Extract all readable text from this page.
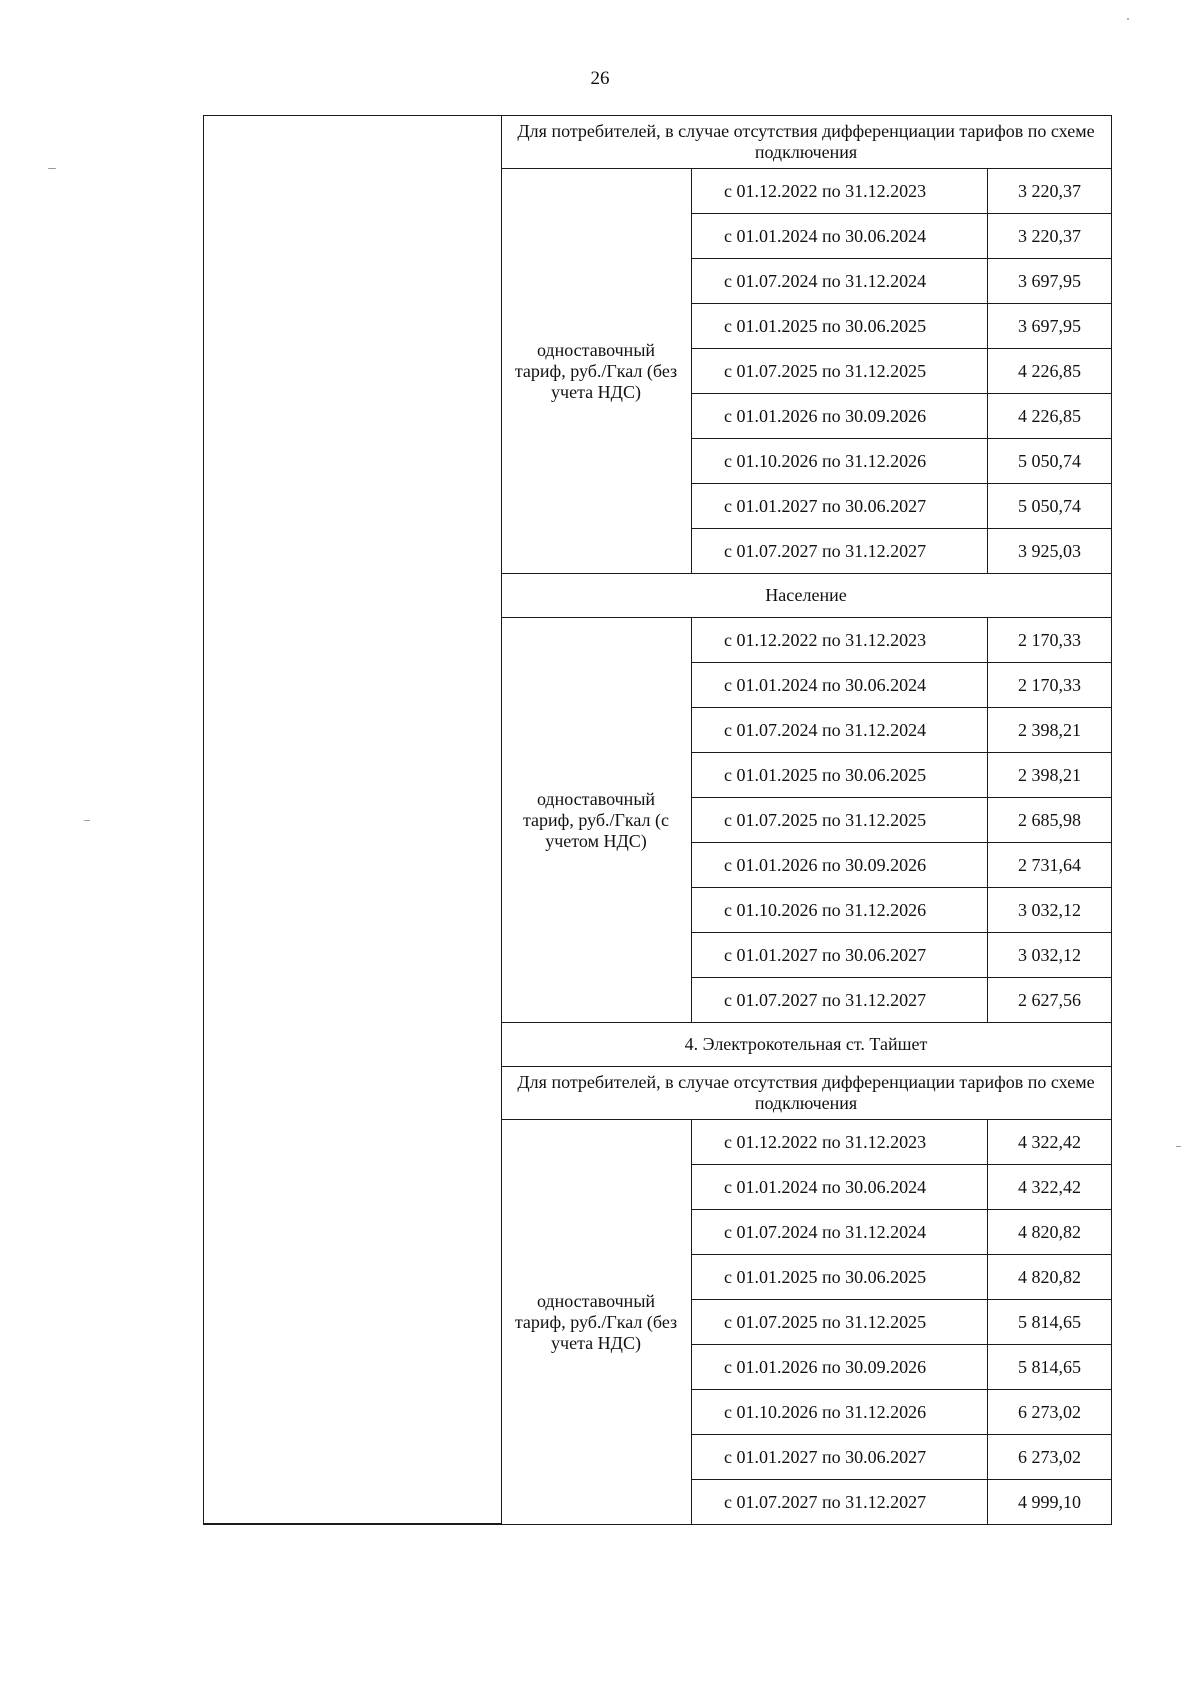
26
Для потребителей, в случае отсутствия дифференциации тарифов по схеме подключения
одноставочный тариф, руб./Гкал (без учета НДС)
с 01.12.2022 по 31.12.2023	3 220,37
с 01.01.2024 по 30.06.2024	3 220,37
с 01.07.2024 по 31.12.2024	3 697,95
с 01.01.2025 по 30.06.2025	3 697,95
с 01.07.2025 по 31.12.2025	4 226,85
с 01.01.2026 по 30.09.2026	4 226,85
с 01.10.2026 по 31.12.2026	5 050,74
с 01.01.2027 по 30.06.2027	5 050,74
с 01.07.2027 по 31.12.2027	3 925,03
Население
одноставочный тариф, руб./Гкал (с учетом НДС)
с 01.12.2022 по 31.12.2023	2 170,33
с 01.01.2024 по 30.06.2024	2 170,33
с 01.07.2024 по 31.12.2024	2 398,21
с 01.01.2025 по 30.06.2025	2 398,21
с 01.07.2025 по 31.12.2025	2 685,98
с 01.01.2026 по 30.09.2026	2 731,64
с 01.10.2026 по 31.12.2026	3 032,12
с 01.01.2027 по 30.06.2027	3 032,12
с 01.07.2027 по 31.12.2027	2 627,56
4. Электрокотельная ст. Тайшет
Для потребителей, в случае отсутствия дифференциации тарифов по схеме подключения
одноставочный тариф, руб./Гкал (без учета НДС)
с 01.12.2022 по 31.12.2023	4 322,42
с 01.01.2024 по 30.06.2024	4 322,42
с 01.07.2024 по 31.12.2024	4 820,82
с 01.01.2025 по 30.06.2025	4 820,82
с 01.07.2025 по 31.12.2025	5 814,65
с 01.01.2026 по 30.09.2026	5 814,65
с 01.10.2026 по 31.12.2026	6 273,02
с 01.01.2027 по 30.06.2027	6 273,02
с 01.07.2027 по 31.12.2027	4 999,10
